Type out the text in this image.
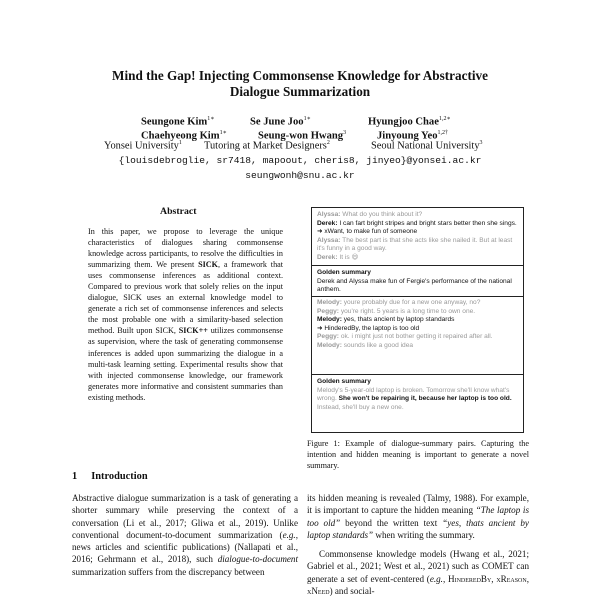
Mind the Gap! Injecting Commonsense Knowledge for Abstractive
Dialogue Summarization
Seungone Kim$^{1∗}$	Se June Joo$^{1∗}$	Hyungjoo Chae$^{1,2∗}$
Chaehyeong Kim$^{1∗}$	Seung-won Hwang$^3$	Jinyoung Yeo$^{1,2\dagger}$
Yonsei University$^1$ Tutoring at Market Designers$^2$	Seoul National University$^3$
{louisdebroglie, sr7418, mapoout, cheris8, jinyeo}@yonsei.ac.kr
seungwonh@snu.ac.kr
Abstract
In this paper, we propose to leverage the unique characteristics of dialogues sharing commonsense knowledge across participants, to resolve the difficulties in summarizing them. We present SICK, a framework that uses commonsense inferences as additional context. Compared to previous work that solely relies on the input dialogue, SICK uses an external knowledge model to generate a rich set of commonsense inferences and selects the most probable one with a similarity-based selection method. Built upon SICK, SICK++ utilizes commonsense as supervision, where the task of generating commonsense inferences is added upon summarizing the dialogue in a multi-task learning setting. Experimental results show that with injected commonsense knowledge, our framework generates more informative and consistent summaries than existing methods.
1 Introduction
Abstractive dialogue summarization is a task of generating a shorter summary while preserving the context of a conversation (Li et al., 2017; Gliwa et al., 2019). Unlike conventional document-to-document summarization (e.g., news articles and scientific publications) (Nallapati et al., 2016; Gehrmann et al., 2018), such dialogue-to-document summarization suffers from the discrepancy between

its hidden meaning is revealed (Talmy, 1988). For example, it is important to capture the hidden meaning “The laptop is too old” beyond the written text “yes, thats ancient by laptop standards” when writing the summary.

Commonsense knowledge models (Hwang et al., 2021; Gabriel et al., 2021; West et al., 2021) such as COMET can generate a set of event-centered (e.g., HinderedBy, xReason, xNeed) and social-

Alyssa: What do you think about it?
Derek: I can fart bright stripes and bright stars better then she sings. ➜ xWant, to make fun of someone
Alyssa: The best part is that she acts like she nailed it. But at least it's funny in a good way.
Derek: It is 😄
Golden summary
Derek and Alyssa make fun of Fergie's performance of the national anthem.
Melody: youre probably due for a new one anyway, no?
Peggy: you're right. 5 years is a long time to own one.
Melody: yes, thats ancient by laptop standards
➜ HinderedBy, the laptop is too old
Peggy: ok. i might just not bother getting it repaired after all.
Melody: sounds like a good idea
Golden summary
Melody's 5-year-old laptop is broken. Tomorrow she'll know what's wrong. She won't be repairing it, because her laptop is too old. Instead, she'll buy a new one.
Figure 1: Example of dialogue-summary pairs. Capturing the intention and hidden meaning is important to generate a novel summary.
